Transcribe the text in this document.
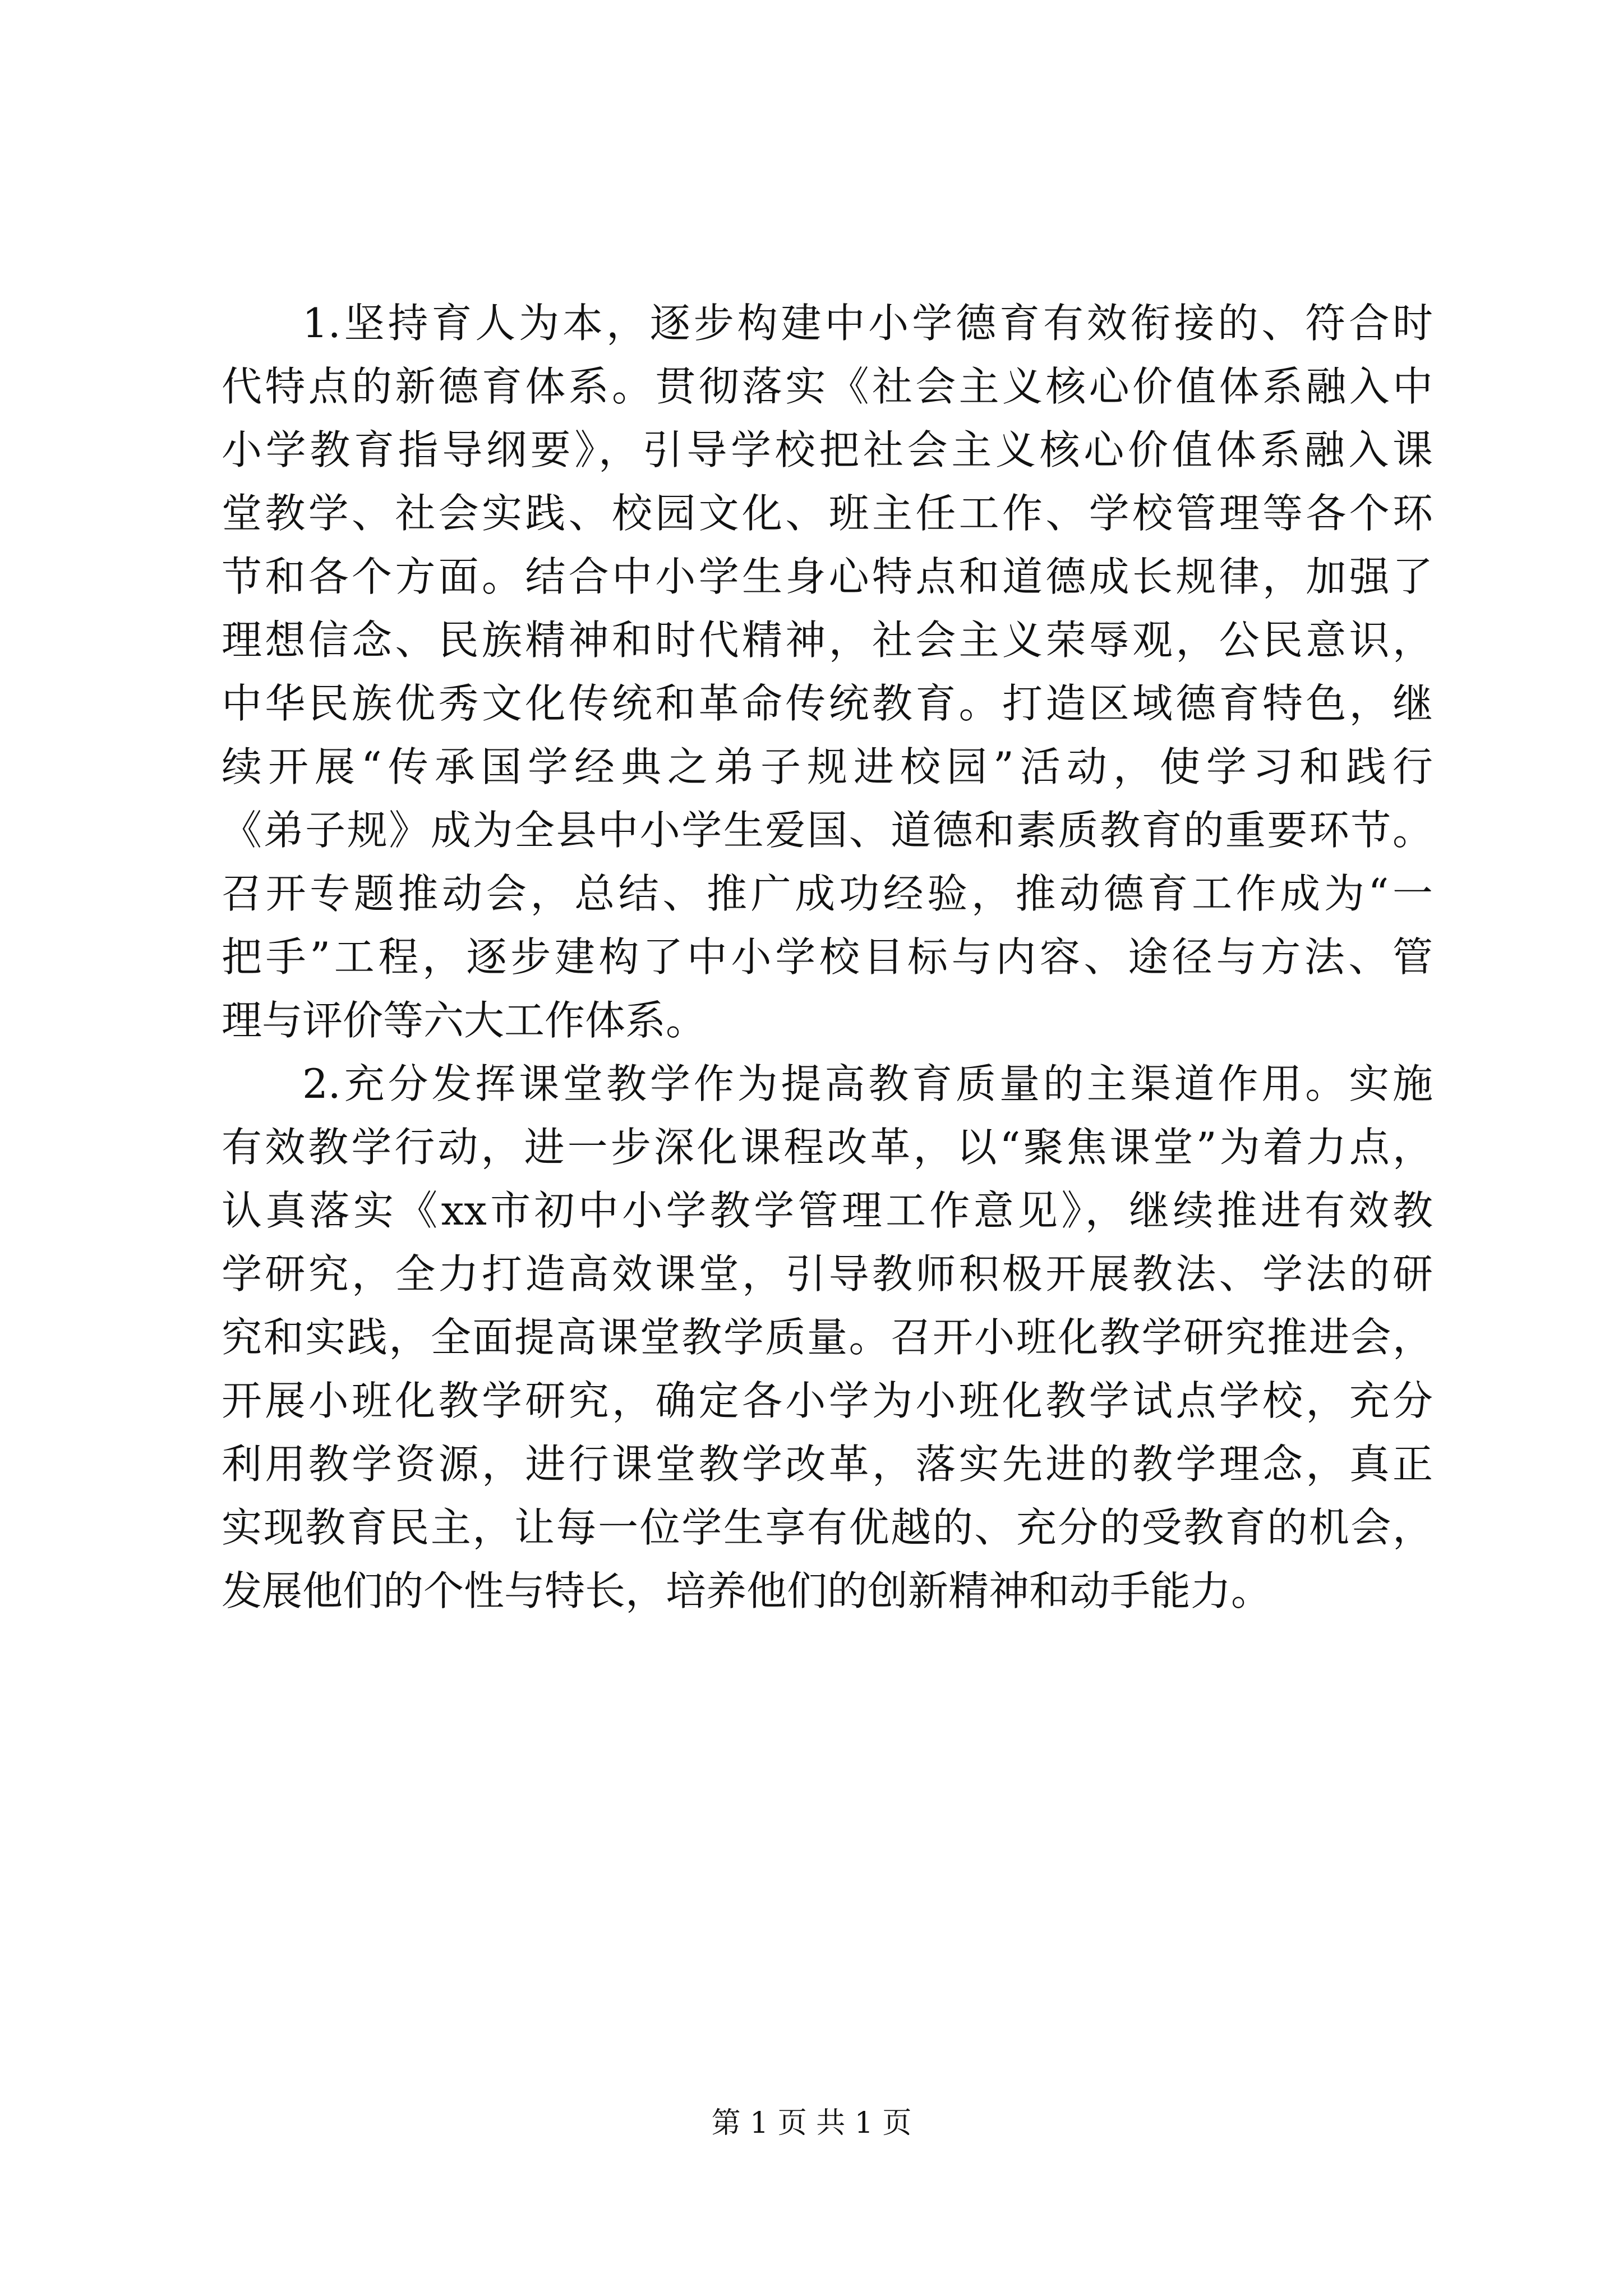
1.坚持育人为本，逐步构建中小学德育有效衔接的、符合时
代特点的新德育体系。贯彻落实《社会主义核心价值体系融入中
小学教育指导纲要》，引导学校把社会主义核心价值体系融入课
堂教学、社会实践、校园文化、班主任工作、学校管理等各个环
节和各个方面。结合中小学生身心特点和道德成长规律，加强了
理想信念、民族精神和时代精神，社会主义荣辱观，公民意识，
中华民族优秀文化传统和革命传统教育。打造区域德育特色，继
续开展“传承国学经典之弟子规进校园”活动，使学习和践行
《弟子规》成为全县中小学生爱国、道德和素质教育的重要环节。
召开专题推动会，总结、推广成功经验，推动德育工作成为“一
把手”工程，逐步建构了中小学校目标与内容、途径与方法、管
理与评价等六大工作体系。
2.充分发挥课堂教学作为提高教育质量的主渠道作用。实施
有效教学行动，进一步深化课程改革，以“聚焦课堂”为着力点，
认真落实《xx市初中小学教学管理工作意见》，继续推进有效教
学研究，全力打造高效课堂，引导教师积极开展教法、学法的研
究和实践，全面提高课堂教学质量。召开小班化教学研究推进会，
开展小班化教学研究，确定各小学为小班化教学试点学校，充分
利用教学资源，进行课堂教学改革，落实先进的教学理念，真正
实现教育民主，让每一位学生享有优越的、充分的受教育的机会，
发展他们的个性与特长，培养他们的创新精神和动手能力。
第 1 页 共 1 页
